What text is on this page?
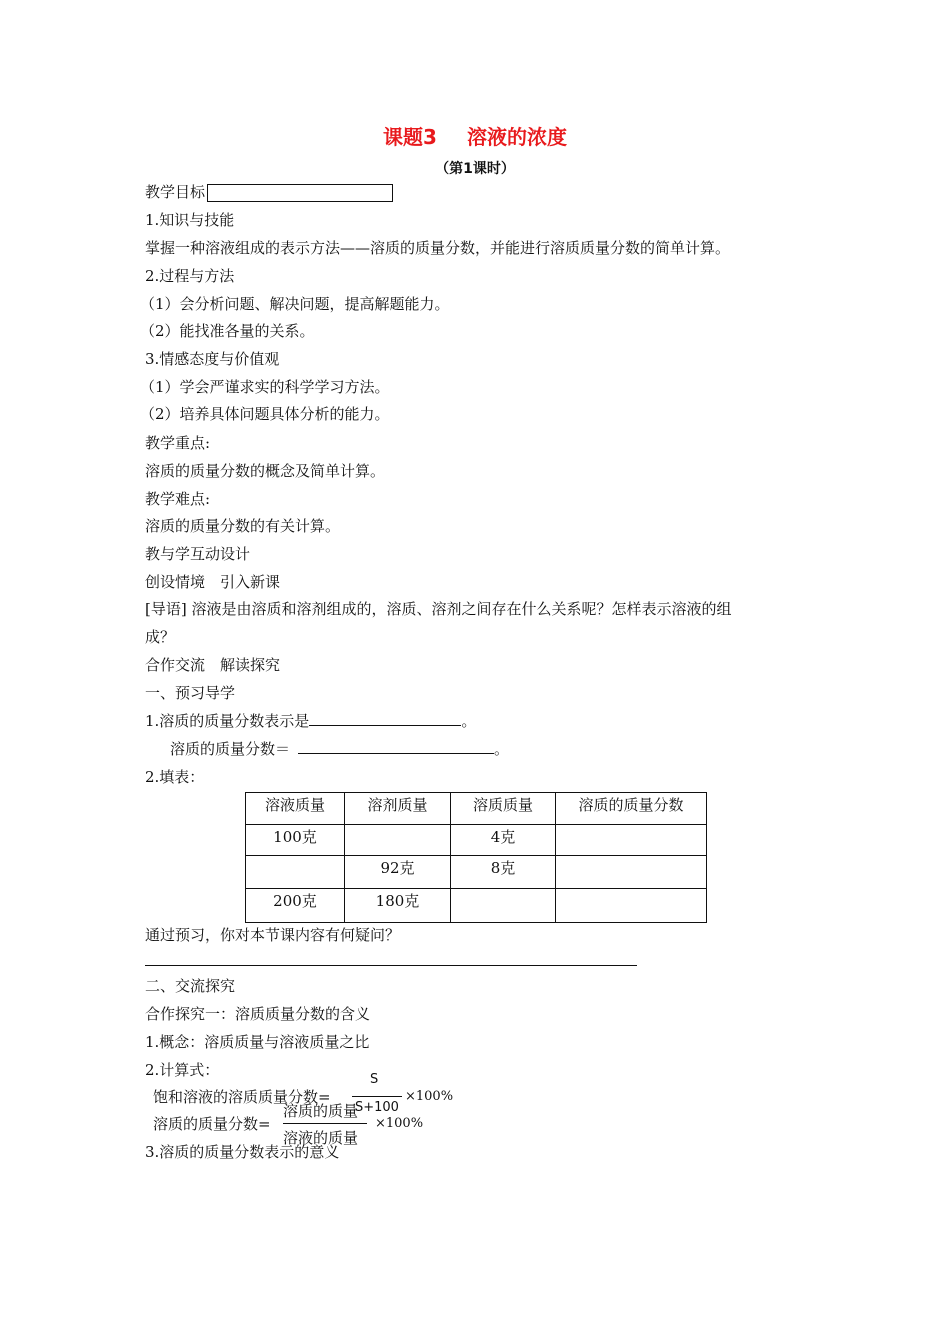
课题3 溶液的浓度
（第1课时）
教学目标
1.知识与技能
掌握一种溶液组成的表示方法——溶质的质量分数，并能进行溶质质量分数的简单计算。
2.过程与方法
（1）会分析问题、解决问题，提高解题能力。
（2）能找准各量的关系。
3.情感态度与价值观
（1）学会严谨求实的科学学习方法。
（2）培养具体问题具体分析的能力。
教学重点:
溶质的质量分数的概念及简单计算。
教学难点:
溶质的质量分数的有关计算。
教与学互动设计
创设情境　引入新课
[导语] 溶液是由溶质和溶剂组成的，溶质、溶剂之间存在什么关系呢？怎样表示溶液的组
成？
合作交流　解读探究
一、预习导学
1.溶质的质量分数表示是	。
溶质的质量分数＝	。
2.填表：
溶液质量	溶剂质量	溶质质量	溶质的质量分数
100克		4克	
	92克	8克	
200克	180克		
通过预习，你对本节课内容有何疑问？
二、交流探究
合作探究一：溶质质量分数的含义
1.概念：溶质质量与溶液质量之比
2.计算式：
饱和溶液的溶质质量分数=
S
S+100
×100%
溶质的质量分数=
溶质的质量
溶液的质量
×100%
3.溶质的质量分数表示的意义
